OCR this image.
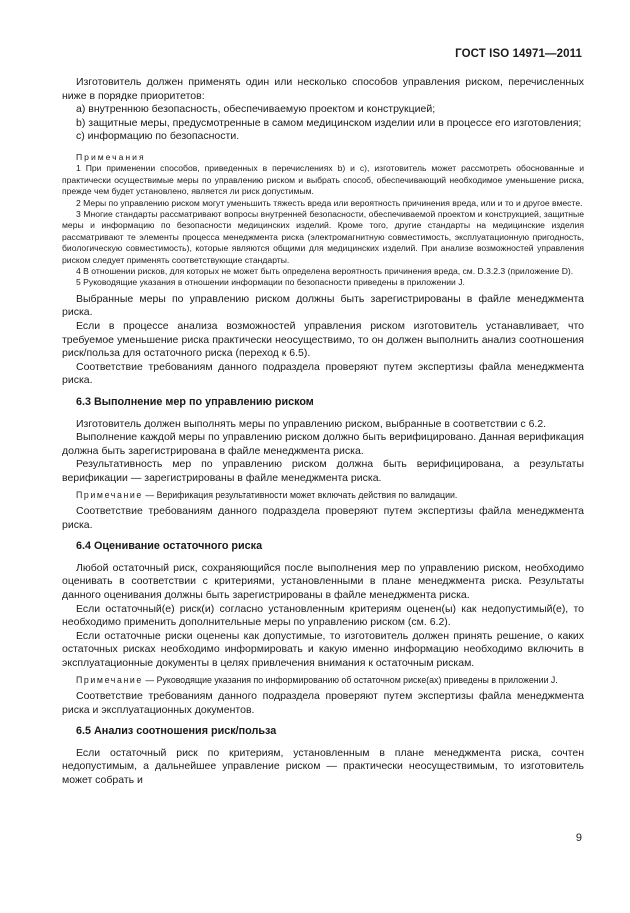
ГОСТ ISO 14971—2011

Изготовитель должен применять один или несколько способов управления риском, перечисленных ниже в порядке приоритетов:

a) внутреннюю безопасность, обеспечиваемую проектом и конструкцией;

b) защитные меры, предусмотренные в самом медицинском изделии или в процессе его изготовления;

c) информацию по безопасности.

Примечания

1 При применении способов, приведенных в перечислениях b) и c), изготовитель может рассмотреть обоснованные и практически осуществимые меры по управлению риском и выбрать способ, обеспечивающий необходимое уменьшение риска, прежде чем будет установлено, является ли риск допустимым.

2 Меры по управлению риском могут уменьшить тяжесть вреда или вероятность причинения вреда, или и то и другое вместе.

3 Многие стандарты рассматривают вопросы внутренней безопасности, обеспечиваемой проектом и конструкцией, защитные меры и информацию по безопасности медицинских изделий. Кроме того, другие стандарты на медицинские изделия рассматривают те элементы процесса менеджмента риска (электромагнитную совместимость, эксплуатационную пригодность, биологическую совместимость), которые являются общими для медицинских изделий. При анализе возможностей управления риском следует применять соответствующие стандарты.

4 В отношении рисков, для которых не может быть определена вероятность причинения вреда, см. D.3.2.3 (приложение D).

5 Руководящие указания в отношении информации по безопасности приведены в приложении J.

Выбранные меры по управлению риском должны быть зарегистрированы в файле менеджмента риска.

Если в процессе анализа возможностей управления риском изготовитель устанавливает, что требуемое уменьшение риска практически неосуществимо, то он должен выполнить анализ соотношения риск/польза для остаточного риска (переход к 6.5).

Соответствие требованиям данного подраздела проверяют путем экспертизы файла менеджмента риска.

6.3 Выполнение мер по управлению риском

Изготовитель должен выполнять меры по управлению риском, выбранные в соответствии с 6.2.

Выполнение каждой меры по управлению риском должно быть верифицировано. Данная верификация должна быть зарегистрирована в файле менеджмента риска.

Результативность мер по управлению риском должна быть верифицирована, а результаты верификации — зарегистрированы в файле менеджмента риска.

Примечание — Верификация результативности может включать действия по валидации.

Соответствие требованиям данного подраздела проверяют путем экспертизы файла менеджмента риска.

6.4 Оценивание остаточного риска

Любой остаточный риск, сохраняющийся после выполнения мер по управлению риском, необходимо оценивать в соответствии с критериями, установленными в плане менеджмента риска. Результаты данного оценивания должны быть зарегистрированы в файле менеджмента риска.

Если остаточный(е) риск(и) согласно установленным критериям оценен(ы) как недопустимый(е), то необходимо применить дополнительные меры по управлению риском (см. 6.2).

Если остаточные риски оценены как допустимые, то изготовитель должен принять решение, о каких остаточных рисках необходимо информировать и какую именно информацию необходимо включить в эксплуатационные документы в целях привлечения внимания к остаточным рискам.

Примечание — Руководящие указания по информированию об остаточном риске(ах) приведены в приложении J.

Соответствие требованиям данного подраздела проверяют путем экспертизы файла менеджмента риска и эксплуатационных документов.

6.5 Анализ соотношения риск/польза

Если остаточный риск по критериям, установленным в плане менеджмента риска, сочтен недопустимым, а дальнейшее управление риском — практически неосуществимым, то изготовитель может собрать и

9
